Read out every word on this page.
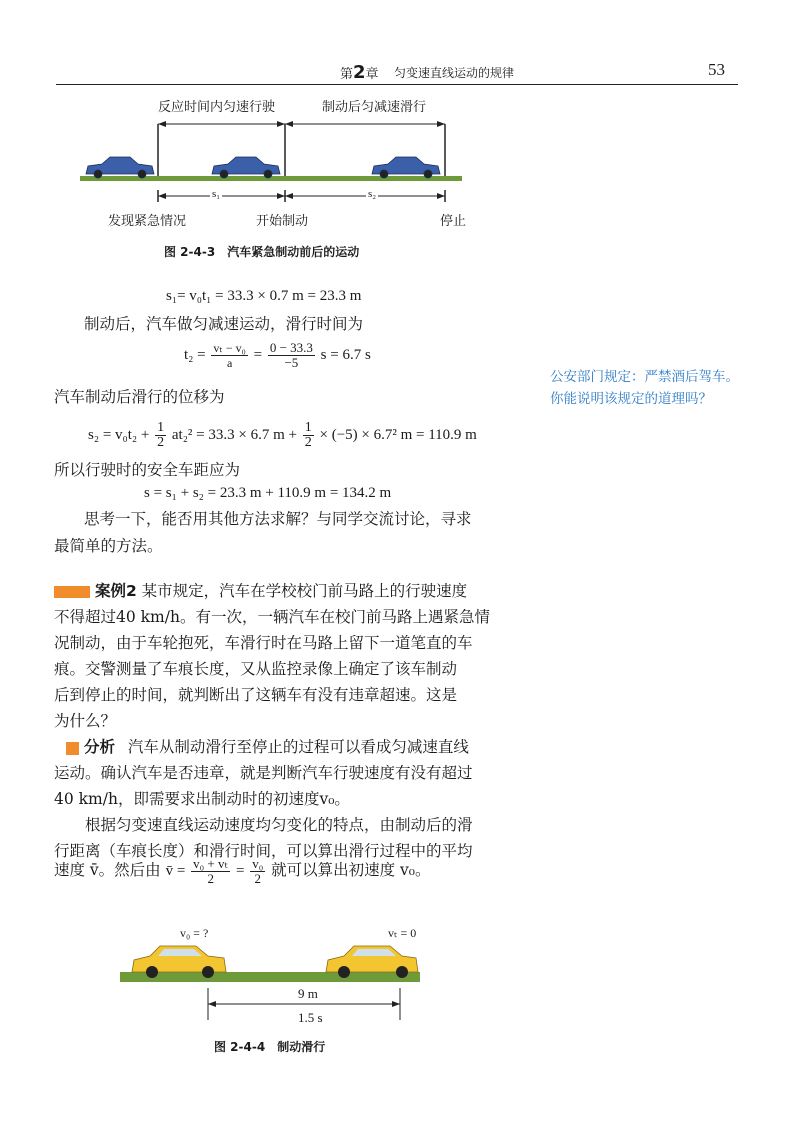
第2章 匀变速直线运动的规律	53
反应时间内匀速行驶	制动后匀减速滑行
s₁	s₂
发现紧急情况	开始制动	停止
图 2-4-3　汽车紧急制动前后的运动
s₁= v₀t₁ = 33.3 × 0.7 m = 23.3 m
制动后，汽车做匀减速运动，滑行时间为
$t_2 = \frac{\text{vₜ − v₀}}{a} = \frac{0 - 33.3}{-5}$ s = 6.7 s
公安部门规定：严禁酒后驾车。你能说明该规定的道理吗？
汽车制动后滑行的位移为
$s_2 = v_0t_2 + \frac{1}{2} at_2^2 = 33.3 \times 6.7$ $m + \frac{1}{2} \times (-5) \times 6.7^2$ m = 110.9 m
所以行驶时的安全车距应为
s = s₁ + s₂ = 23.3 m + 110.9 m = 134.2 m
思考一下，能否用其他方法求解？与同学交流讨论，寻求
最简单的方法。
案例2 某市规定，汽车在学校校门前马路上的行驶速度
不得超过40 km/h。有一次，一辆汽车在校门前马路上遇紧急情
况制动，由于车轮抱死，车滑行时在马路上留下一道笔直的车
痕。交警测量了车痕长度，又从监控录像上确定了该车制动
后到停止的时间，就判断出了这辆车有没有违章超速。这是
为什么？
分析 汽车从制动滑行至停止的过程可以看成匀减速直线
运动。确认汽车是否违章，就是判断汽车行驶速度有没有超过
40 km/h，即需要求出制动时的初速度v₀。
根据匀变速直线运动速度均匀变化的特点，由制动后的滑
行距离（车痕长度）和滑行时间，可以算出滑行过程中的平均
速度 v̄。然后由 v̄ = $\frac{\text{v₀ + vₜ}}{2} = \frac{\text{v₀}}{2}$ 就可以算出初速度 v₀。
v₀ = ?	vₜ = 0
9 m
1.5 s
图 2-4-4　制动滑行
